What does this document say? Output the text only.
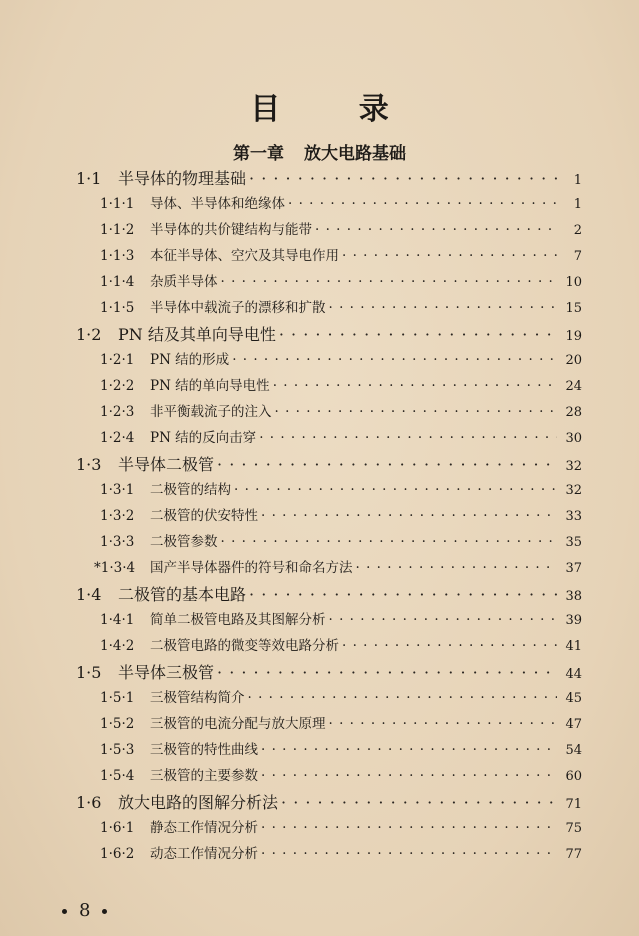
目 录
第一章 放大电路基础
1·1	半导体的物理基础 · · ·	1
1·1·1	导体、半导体和绝缘体 · · ·	1
1·1·2	半导体的共价键结构与能带 · · ·	2
1·1·3	本征半导体、空穴及其导电作用 · · ·	7
1·1·4	杂质半导体 · · ·	10
1·1·5	半导体中载流子的漂移和扩散 · · ·	15
1·2	PN 结及其单向导电性 · · ·	19
1·2·1	PN 结的形成 · · ·	20
1·2·2	PN 结的单向导电性 · · ·	24
1·2·3	非平衡载流子的注入 · · ·	28
1·2·4	PN 结的反向击穿 · · ·	30
1·3	半导体二极管 · · ·	32
1·3·1	二极管的结构 · · ·	32
1·3·2	二极管的伏安特性 · · ·	33
1·3·3	二极管参数 · · ·	35
*1·3·4	国产半导体器件的符号和命名方法 · · ·	37
1·4	二极管的基本电路 · · ·	38
1·4·1	简单二极管电路及其图解分析 · · ·	39
1·4·2	二极管电路的微变等效电路分析 · · ·	41
1·5	半导体三极管 · · ·	44
1·5·1	三极管结构简介 · · ·	45
1·5·2	三极管的电流分配与放大原理 · · ·	47
1·5·3	三极管的特性曲线 · · ·	54
1·5·4	三极管的主要参数 · · ·	60
1·6	放大电路的图解分析法 · · ·	71
1·6·1	静态工作情况分析 · · ·	75
1·6·2	动态工作情况分析 · · ·	77
8
